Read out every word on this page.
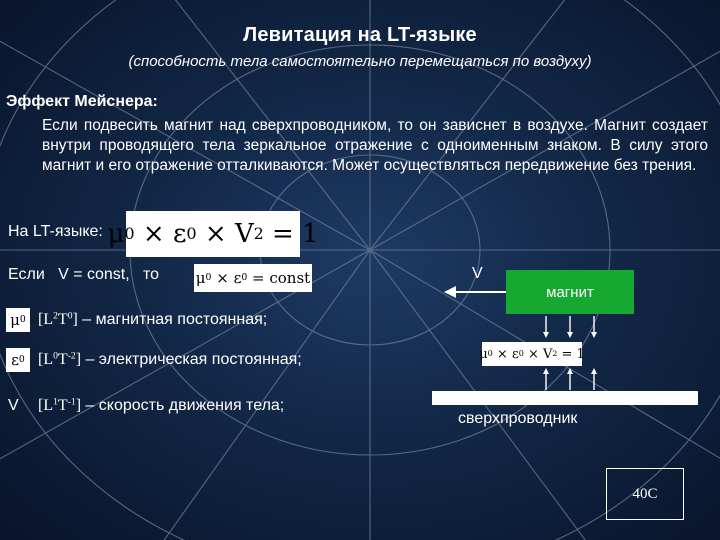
Левитация на LT-языке
(способность тела самостоятельно перемещаться по воздуху)
Эффект Мейснера:
Если подвесить магнит над сверхпроводником, то он зависнет в воздухе. Магнит создает внутри проводящего тела зеркальное отражение с одноименным знаком. В силу этого магнит и его отражение отталкиваются. Может осуществляться передвижение без трения.
На LT-языке: μ 0 × ε 0 × V 2 = 1
Если   V = const,   то μ 0 × ε 0 = const
μ 0 $[L^2T^0]$ – магнитная постоянная;
ε 0 $[L^0T^{-2}]$ – электрическая постоянная;
V $[L^1T^{-1}]$ – скорость движения тела;
V
магнит
μ 0 × ε 0 × V 2 = 1
сверхпроводник
40C
